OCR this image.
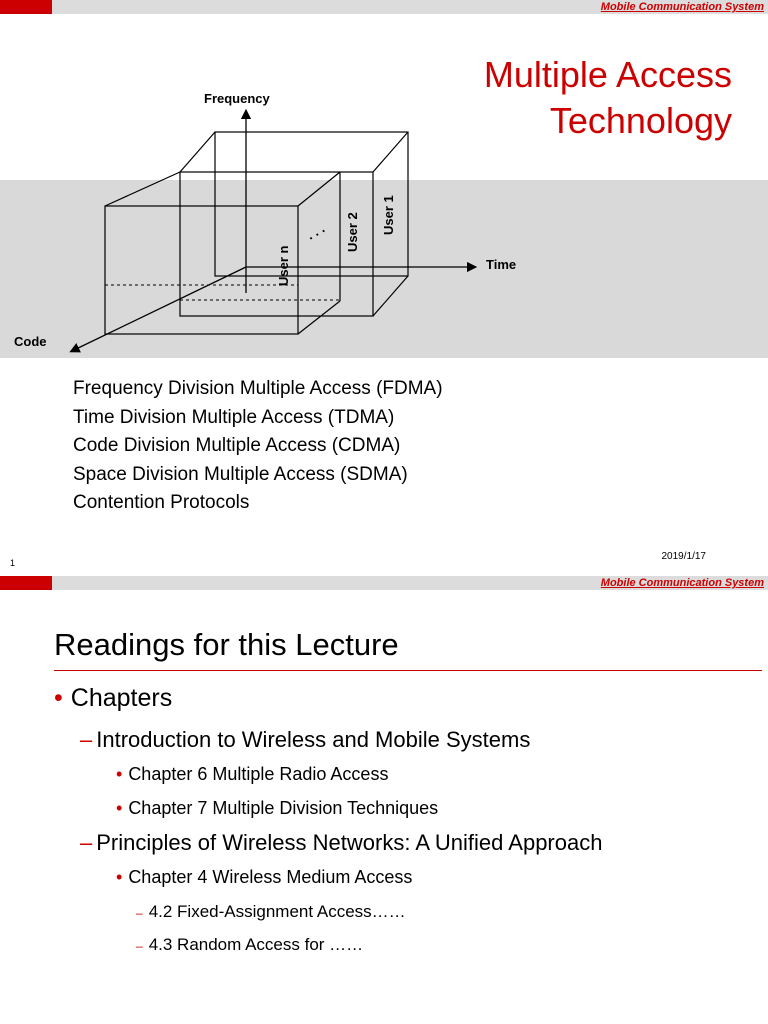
Mobile Communication System
Multiple Access
Technology
Frequency
Time
Code
User n
User 2 User 1
. . .
Frequency Division Multiple Access (FDMA)
Time Division Multiple Access (TDMA)
Code Division Multiple Access (CDMA)
Space Division Multiple Access (SDMA)
Contention Protocols
1
2019/1/17
Mobile Communication System
Readings for this Lecture
• Chapters
– Introduction to Wireless and Mobile Systems
• Chapter 6 Multiple Radio Access
• Chapter 7 Multiple Division Techniques
– Principles of Wireless Networks: A Unified Approach
• Chapter 4 Wireless Medium Access
– 4.2 Fixed-Assignment Access……
– 4.3 Random Access for ……
